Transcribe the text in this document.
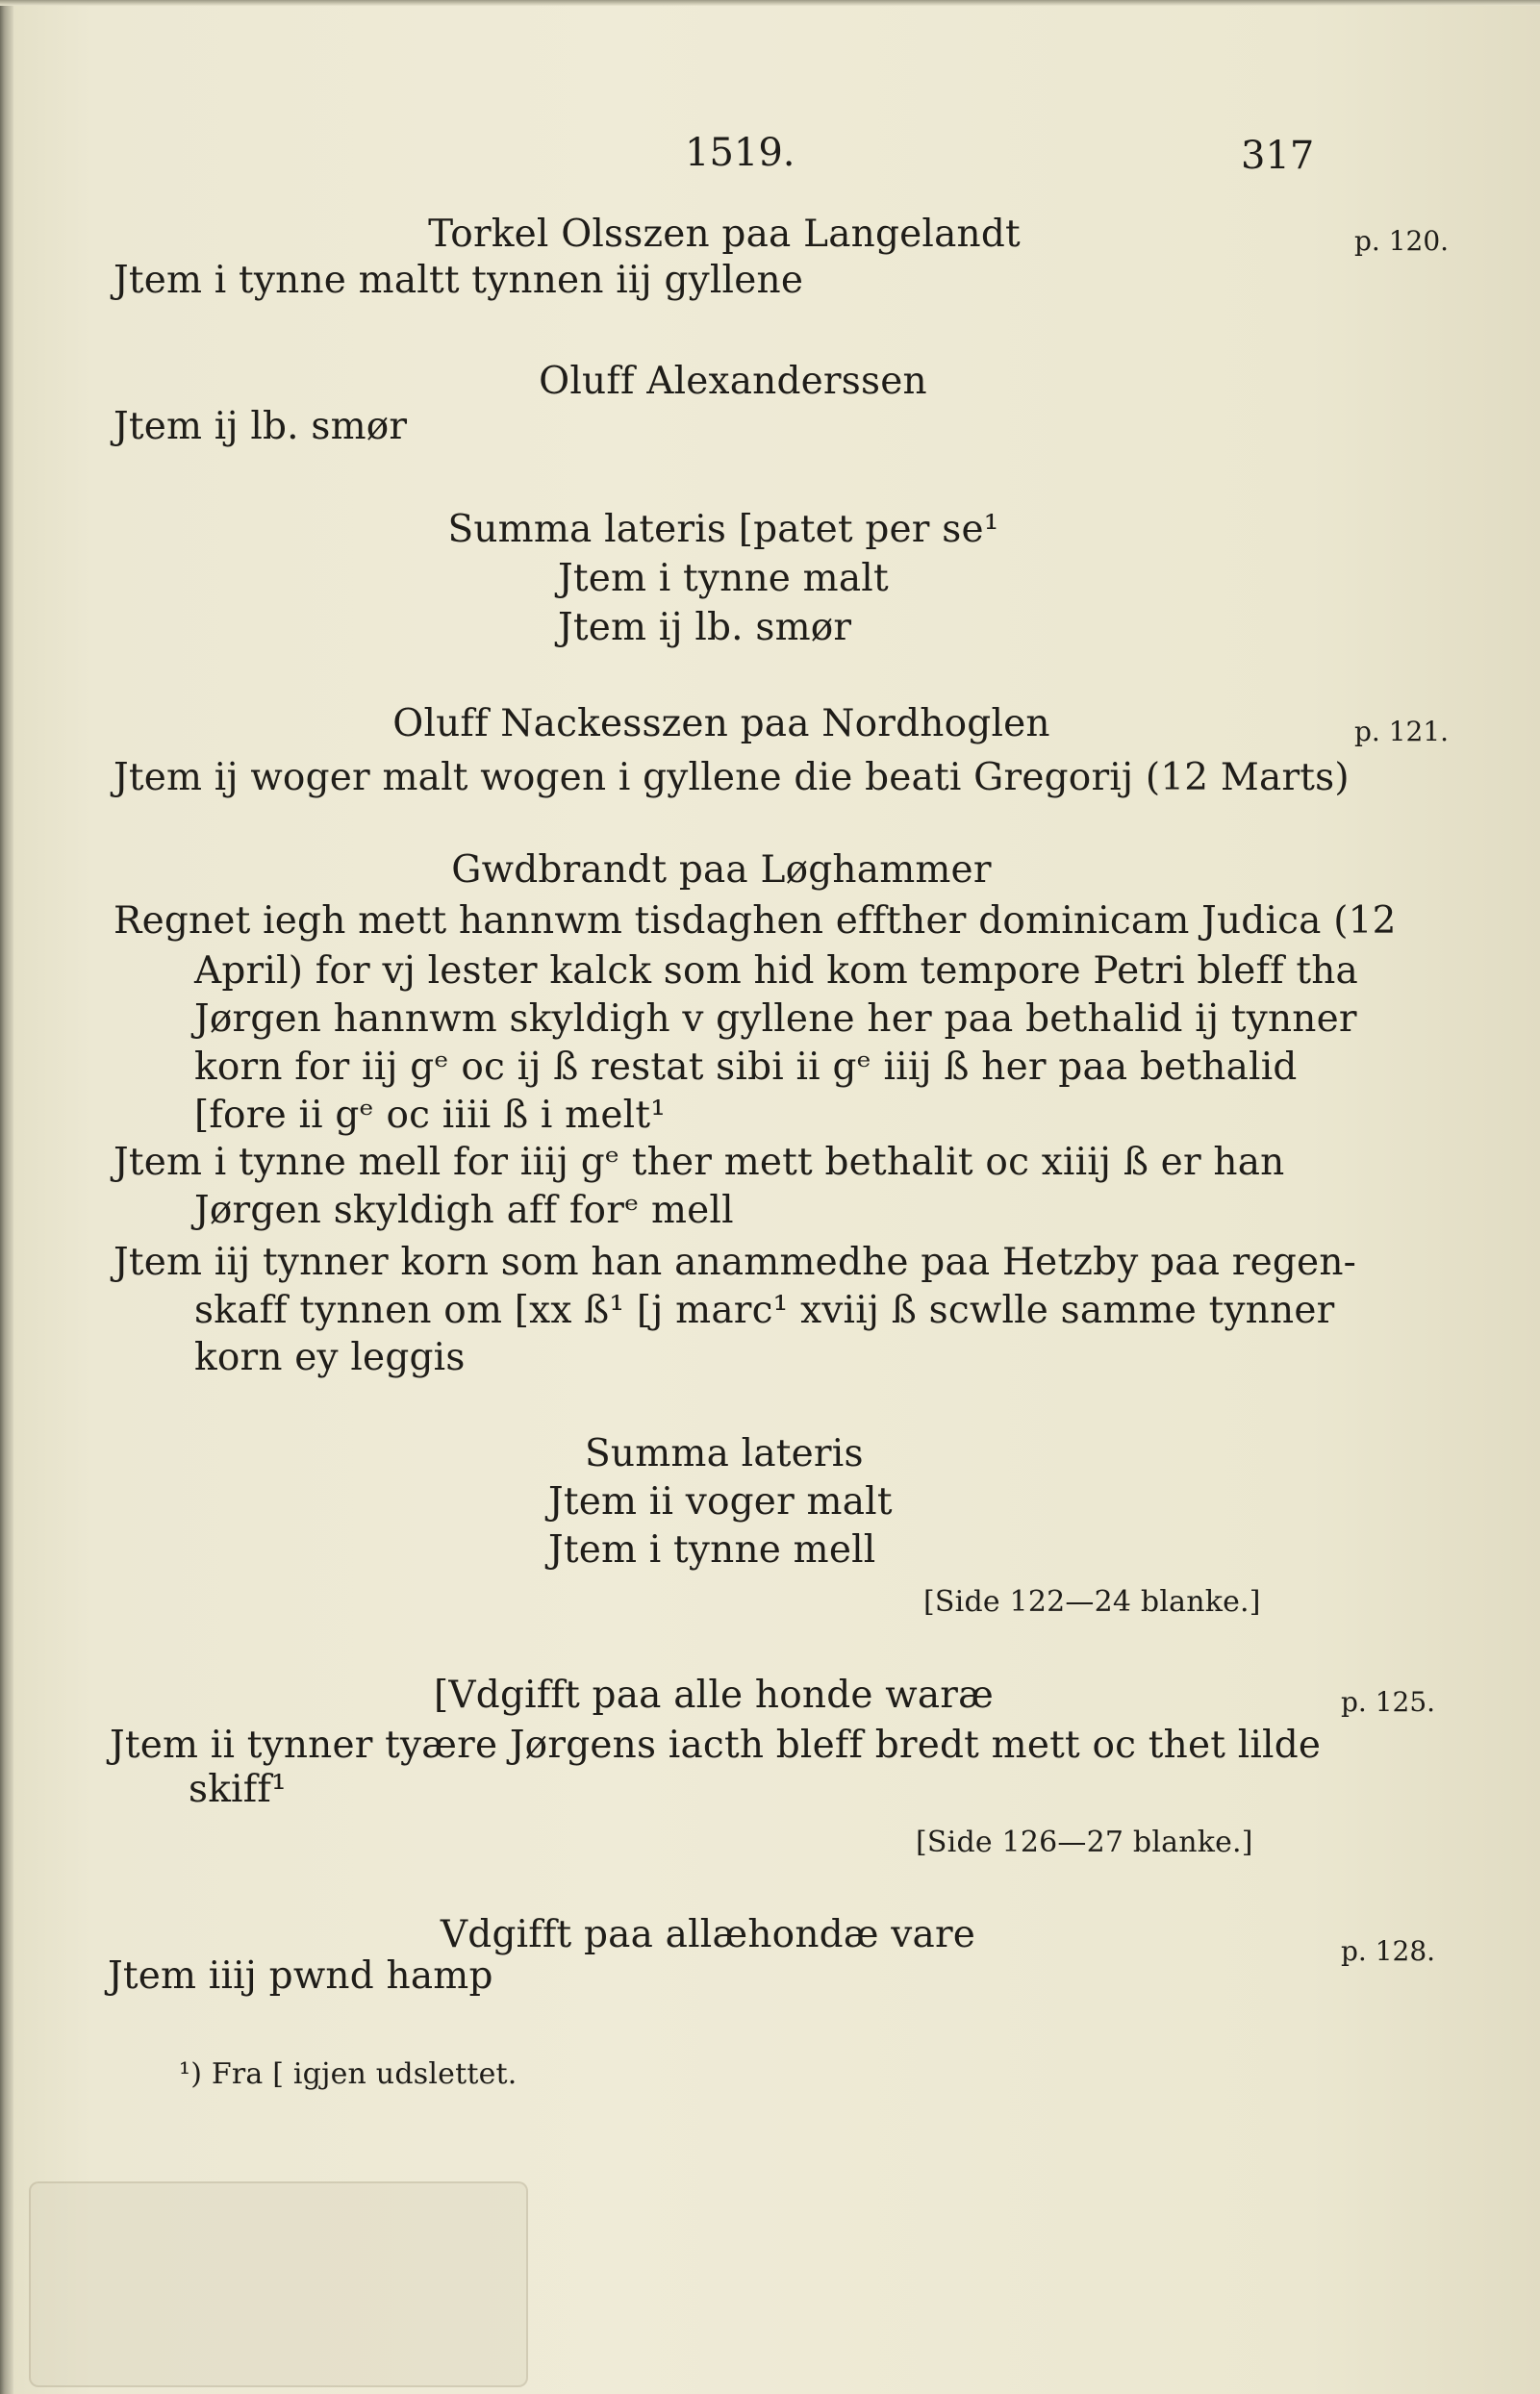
1519.	317
p. 120.
p. 121.
p. 125.
p. 128.
Torkel Olsszen paa Langelandt
Jtem i tynne maltt tynnen iij gyllene
Oluff Alexanderssen
Jtem ij lb. smør
Summa lateris [patet per se¹
Jtem i tynne malt
Jtem ij lb. smør
Oluff Nackesszen paa Nordhoglen
Jtem ij woger malt wogen i gyllene die beati Gregorij (12 Marts)
Gwdbrandt paa Løghammer
Regnet iegh mett hannwm tisdaghen effther dominicam Judica (12
April) for vj lester kalck som hid kom tempore Petri bleff tha
Jørgen hannwm skyldigh v gyllene her paa bethalid ij tynner
korn for iij gᵉ oc ij ß restat sibi ii gᵉ iiij ß her paa bethalid
[fore ii gᵉ oc iiii ß i melt¹
Jtem i tynne mell for iiij gᵉ ther mett bethalit oc xiiij ß er han
Jørgen skyldigh aff forᵉ mell
Jtem iij tynner korn som han anammedhe paa Hetzby paa regen-
skaff tynnen om [xx ß¹ [j marc¹ xviij ß scwlle samme tynner
korn ey leggis
Summa lateris
Jtem ii voger malt
Jtem i tynne mell
[Side 122—24 blanke.]
[Vdgifft paa alle honde waræ
Jtem ii tynner tyære Jørgens iacth bleff bredt mett oc thet lilde
skiff¹
[Side 126—27 blanke.]
Vdgifft paa allæhondæ vare
Jtem iiij pwnd hamp
¹) Fra [ igjen udslettet.
